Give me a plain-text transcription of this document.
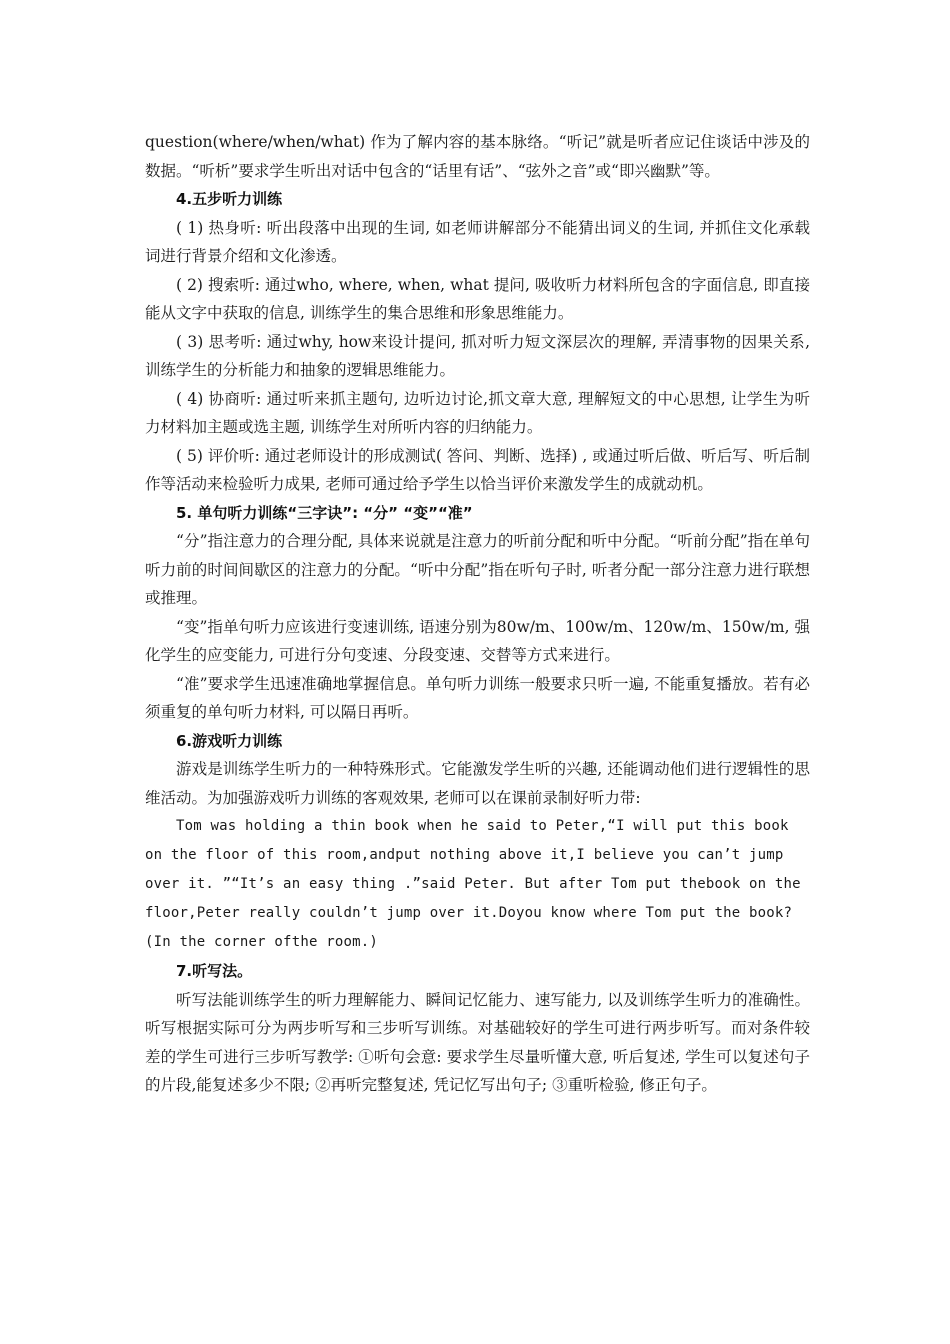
question(where/when/what) 作为了解内容的基本脉络。“听记”就是听者应记住谈话中涉及的数据。“听析”要求学生听出对话中包含的“话里有话”、“弦外之音”或“即兴幽默”等。

4.五步听力训练

( 1) 热身听: 听出段落中出现的生词, 如老师讲解部分不能猜出词义的生词, 并抓住文化承载词进行背景介绍和文化渗透。

( 2) 搜索听: 通过who, where, when, what 提问, 吸收听力材料所包含的字面信息, 即直接能从文字中获取的信息, 训练学生的集合思维和形象思维能力。

( 3) 思考听: 通过why, how来设计提问, 抓对听力短文深层次的理解, 弄清事物的因果关系, 训练学生的分析能力和抽象的逻辑思维能力。

( 4) 协商听: 通过听来抓主题句, 边听边讨论,抓文章大意, 理解短文的中心思想, 让学生为听力材料加主题或选主题, 训练学生对所听内容的归纳能力。

( 5) 评价听: 通过老师设计的形成测试( 答问、判断、选择) , 或通过听后做、听后写、听后制作等活动来检验听力成果, 老师可通过给予学生以恰当评价来激发学生的成就动机。

5. 单句听力训练“三字诀”: “分” “变”“准”

“分”指注意力的合理分配, 具体来说就是注意力的听前分配和听中分配。“听前分配”指在单句听力前的时间间歇区的注意力的分配。“听中分配”指在听句子时, 听者分配一部分注意力进行联想或推理。

“变”指单句听力应该进行变速训练, 语速分别为80w/m、100w/m、120w/m、150w/m, 强化学生的应变能力, 可进行分句变速、分段变速、交替等方式来进行。

“准”要求学生迅速准确地掌握信息。单句听力训练一般要求只听一遍, 不能重复播放。若有必须重复的单句听力材料, 可以隔日再听。

6.游戏听力训练

游戏是训练学生听力的一种特殊形式。它能激发学生听的兴趣, 还能调动他们进行逻辑性的思维活动。为加强游戏听力训练的客观效果, 老师可以在课前录制好听力带:

Tom was holding a thin book when he said to Peter,“I will put this book on the floor of this room,andput nothing above it,I believe you can’t jump over it. ”“It’s an easy thing .”said Peter. But after Tom put thebook on the floor,Peter really couldn’t jump over it.Doyou know where Tom put the book?(In the corner ofthe room.)

7.听写法。

听写法能训练学生的听力理解能力、瞬间记忆能力、速写能力, 以及训练学生听力的准确性。听写根据实际可分为两步听写和三步听写训练。对基础较好的学生可进行两步听写。而对条件较差的学生可进行三步听写教学: ①听句会意: 要求学生尽量听懂大意, 听后复述, 学生可以复述句子的片段,能复述多少不限; ②再听完整复述, 凭记忆写出句子; ③重听检验, 修正句子。
